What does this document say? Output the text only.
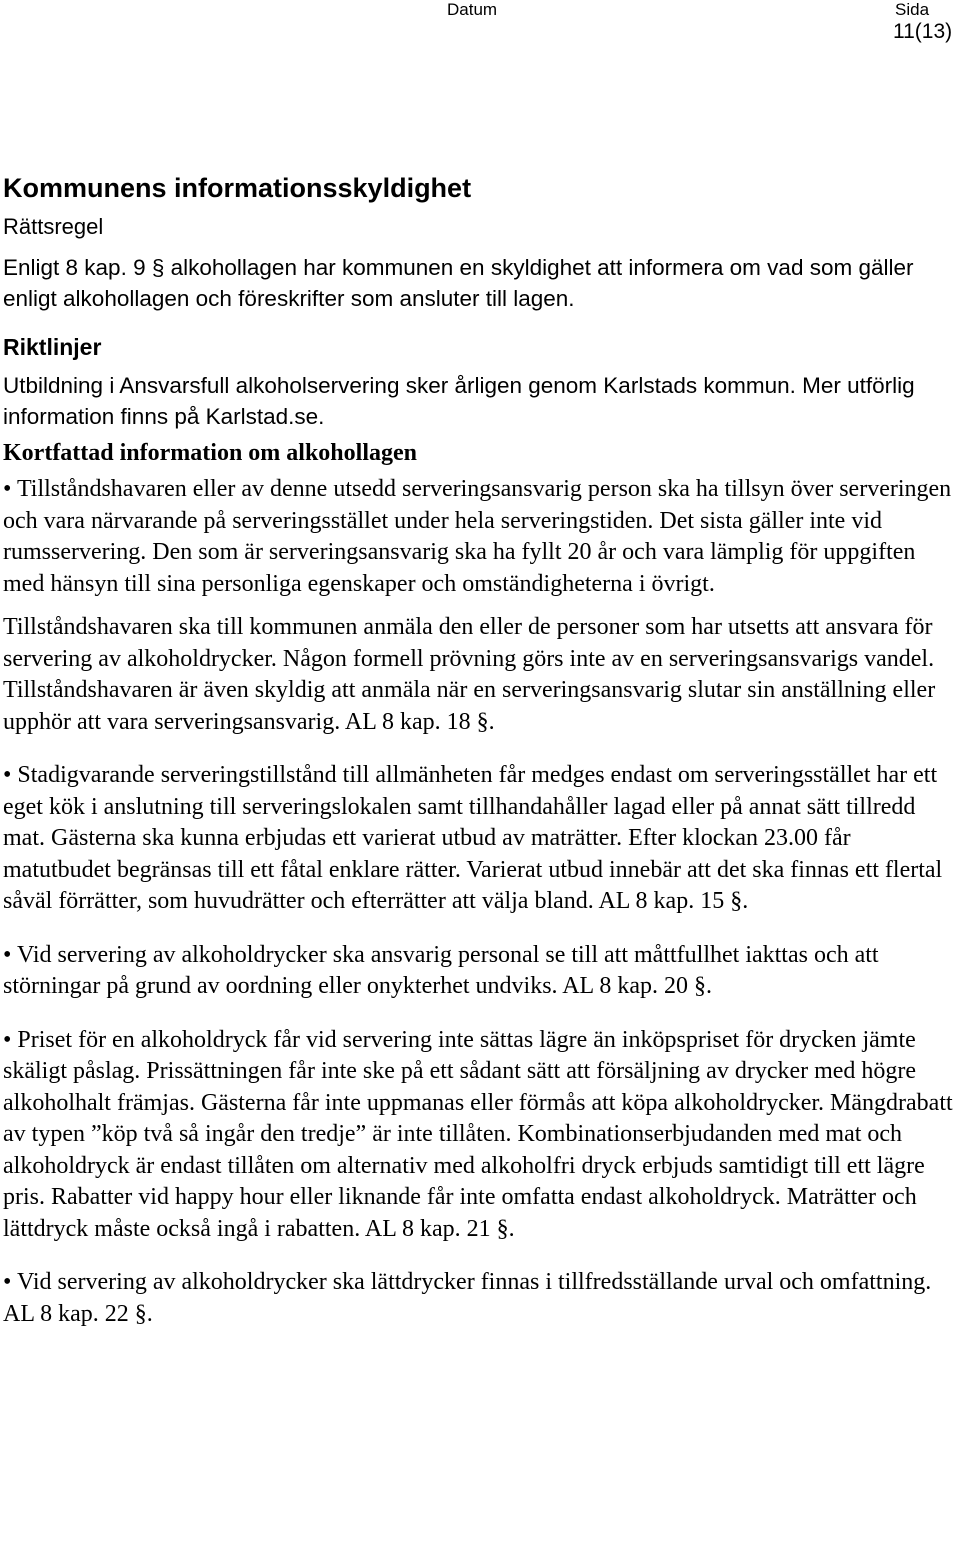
Datum	Sida
11(13)
Kommunens informationsskyldighet
Rättsregel

Enligt 8 kap. 9 § alkohollagen har kommunen en skyldighet att informera om vad som gäller enligt alkohollagen och föreskrifter som ansluter till lagen.

Riktlinjer

Utbildning i Ansvarsfull alkoholservering sker årligen genom Karlstads kommun. Mer utförlig information finns på Karlstad.se.

Kortfattad information om alkohollagen

• Tillståndshavaren eller av denne utsedd serveringsansvarig person ska ha tillsyn över serveringen och vara närvarande på serveringsstället under hela serveringstiden. Det sista gäller inte vid rumsservering. Den som är serveringsansvarig ska ha fyllt 20 år och vara lämplig för uppgiften med hänsyn till sina personliga egenskaper och omständigheterna i övrigt.

Tillståndshavaren ska till kommunen anmäla den eller de personer som har utsetts att ansvara för servering av alkoholdrycker. Någon formell prövning görs inte av en serveringsansvarigs vandel. Tillståndshavaren är även skyldig att anmäla när en serveringsansvarig slutar sin anställning eller upphör att vara serveringsansvarig. AL 8 kap. 18 §.

• Stadigvarande serveringstillstånd till allmänheten får medges endast om serveringsstället har ett eget kök i anslutning till serveringslokalen samt tillhandahåller lagad eller på annat sätt tillredd mat. Gästerna ska kunna erbjudas ett varierat utbud av maträtter. Efter klockan 23.00 får matutbudet begränsas till ett fåtal enklare rätter. Varierat utbud innebär att det ska finnas ett flertal såväl förrätter, som huvudrätter och efterrätter att välja bland. AL 8 kap. 15 §.

• Vid servering av alkoholdrycker ska ansvarig personal se till att måttfullhet iakttas och att störningar på grund av oordning eller onykterhet undviks. AL 8 kap. 20 §.

• Priset för en alkoholdryck får vid servering inte sättas lägre än inköpspriset för drycken jämte skäligt påslag. Prissättningen får inte ske på ett sådant sätt att försäljning av drycker med högre alkoholhalt främjas. Gästerna får inte uppmanas eller förmås att köpa alkoholdrycker. Mängdrabatt av typen ”köp två så ingår den tredje” är inte tillåten. Kombinationserbjudanden med mat och alkoholdryck är endast tillåten om alternativ med alkoholfri dryck erbjuds samtidigt till ett lägre pris. Rabatter vid happy hour eller liknande får inte omfatta endast alkoholdryck. Maträtter och lättdryck måste också ingå i rabatten. AL 8 kap. 21 §.

• Vid servering av alkoholdrycker ska lättdrycker finnas i tillfredsställande urval och omfattning. AL 8 kap. 22 §.
